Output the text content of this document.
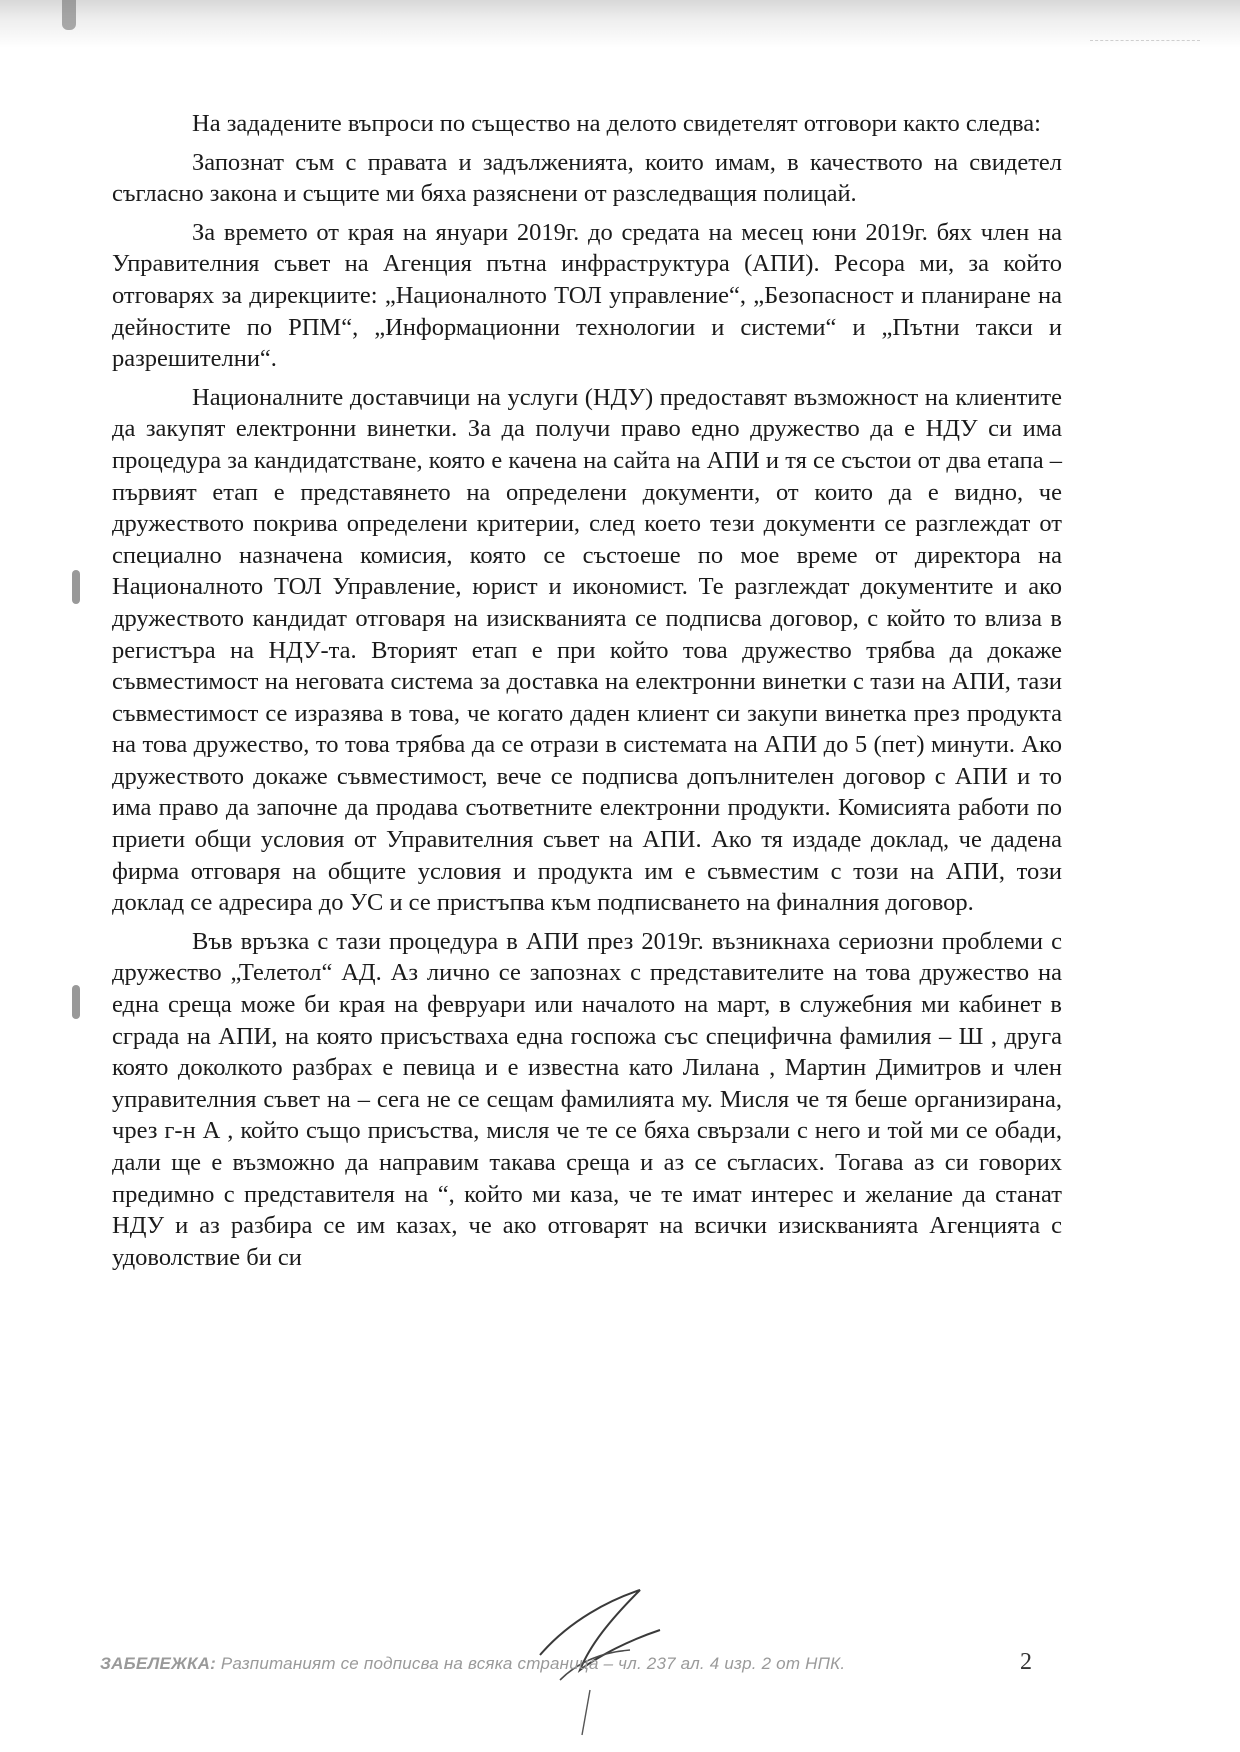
На зададените въпроси по същество на делото свидетелят отговори както следва:

Запознат съм с правата и задълженията, които имам, в качеството на свидетел съгласно закона и същите ми бяха разяснени от разследващия полицай.

За времето от края на януари 2019г. до средата на месец юни 2019г. бях член на Управителния съвет на Агенция пътна инфраструктура (АПИ). Ресора ми, за който отговарях за дирекциите: „Националното ТОЛ управление“, „Безопасност и планиране на дейностите по РПМ“, „Информационни технологии и системи“ и „Пътни такси и разрешителни“.

Националните доставчици на услуги (НДУ) предоставят възможност на клиентите да закупят електронни винетки. За да получи право едно дружество да е НДУ си има процедура за кандидатстване, която е качена на сайта на АПИ и тя се състои от два етапа – първият етап е представянето на определени документи, от които да е видно, че дружеството покрива определени критерии, след което тези документи се разглеждат от специално назначена комисия, която се състоеше по мое време от директора на Националното ТОЛ Управление, юрист и икономист. Те разглеждат документите и ако дружеството кандидат отговаря на изискванията се подписва договор, с който то влиза в регистъра на НДУ-та. Вторият етап е при който това дружество трябва да докаже съвместимост на неговата система за доставка на електронни винетки с тази на АПИ, тази съвместимост се изразява в това, че когато даден клиент си закупи винетка през продукта на това дружество, то това трябва да се отрази в системата на АПИ до 5 (пет) минути. Ако дружеството докаже съвместимост, вече се подписва допълнителен договор с АПИ и то има право да започне да продава съответните електронни продукти. Комисията работи по приети общи условия от Управителния съвет на АПИ. Ако тя издаде доклад, че дадена фирма отговаря на общите условия и продукта им е съвместим с този на АПИ, този доклад се адресира до УС и се пристъпва към подписването на финалния договор.

Във връзка с тази процедура в АПИ през 2019г. възникнаха сериозни проблеми с дружество „Телетол“ АД. Аз лично се запознах с представителите на това дружество на една среща може би края на февруари или началото на март, в служебния ми кабинет в сграда на АПИ, на която присъстваха една госпожа със специфична фамилия – Ш , друга която доколкото разбрах е певица и е известна като Лилана , Мартин Димитров и член управителния съвет на – сега не се сещам фамилията му. Мисля че тя беше организирана, чрез г-н А , който също присъства, мисля че те се бяха свързали с него и той ми се обади, дали ще е възможно да направим такава среща и аз се съгласих. Тогава аз си говорих предимно с представителя на “, който ми каза, че те имат интерес и желание да станат НДУ и аз разбира се им казах, че ако отговарят на всички изискванията Агенцията с удоволствие би си

ЗАБЕЛЕЖКА: Разпитаният се подписва на всяка страница – чл. 237 ал. 4 изр. 2 от НПК.	2
